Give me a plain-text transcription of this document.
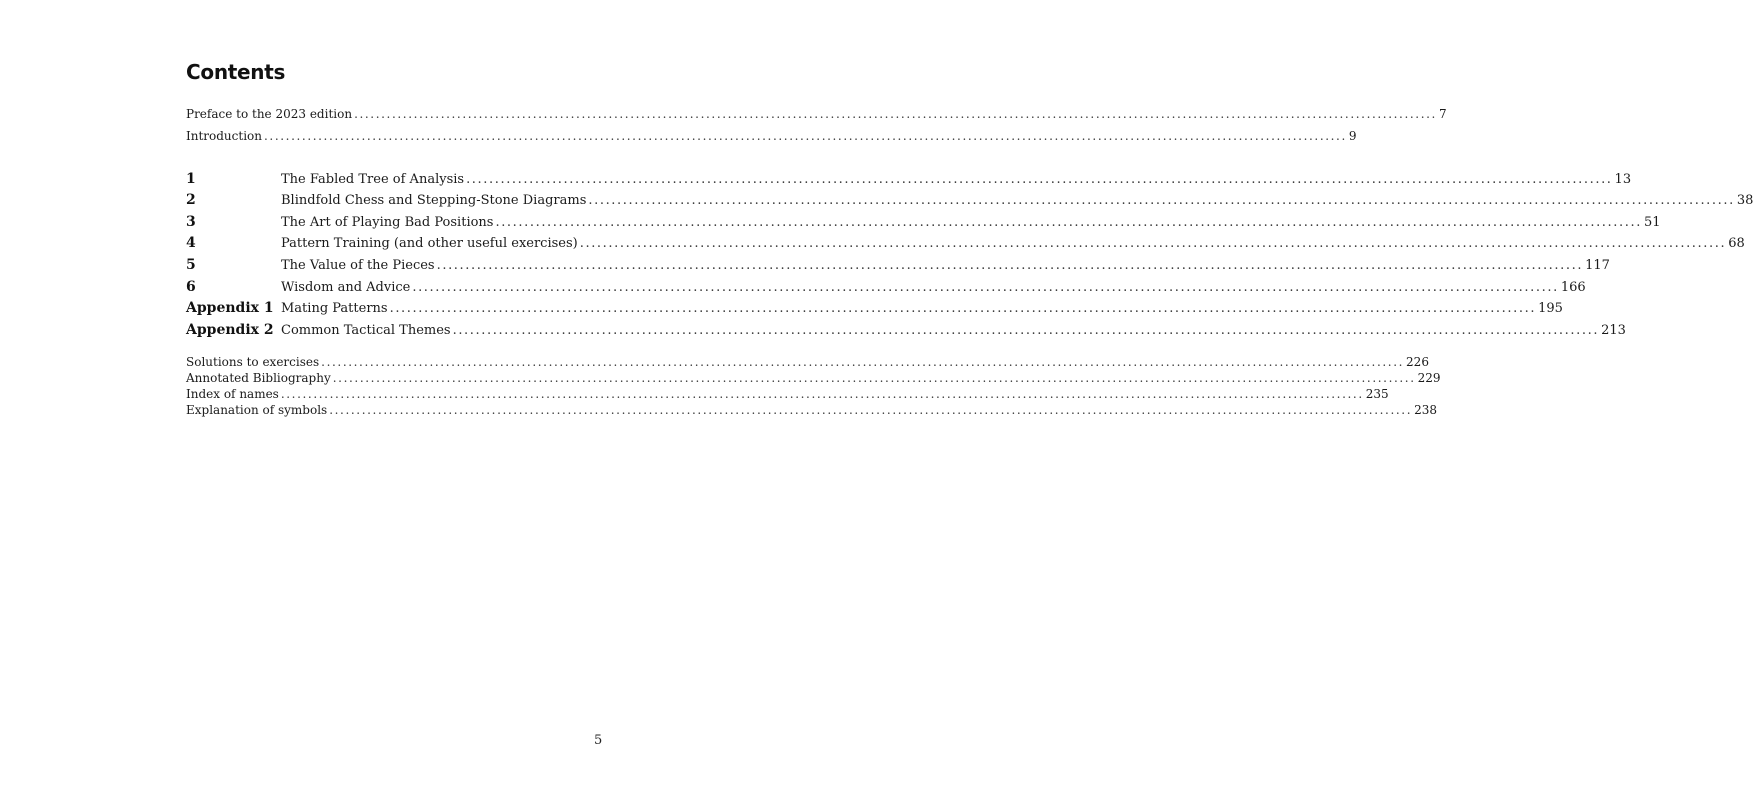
Contents
Preface to the 2023 edition ........................................................................................................................................................................................................ 7
Introduction ........................................................................................................................................................................................................ 9
1	The Fabled Tree of Analysis ........................................................................................................................................................................................................ 13
2	Blindfold Chess and Stepping-Stone Diagrams ........................................................................................................................................................................................................ 38
3	The Art of Playing Bad Positions ........................................................................................................................................................................................................ 51
4	Pattern Training (and other useful exercises) ........................................................................................................................................................................................................ 68
5	The Value of the Pieces ........................................................................................................................................................................................................ 117
6	Wisdom and Advice ........................................................................................................................................................................................................ 166
Appendix 1 Mating Patterns ........................................................................................................................................................................................................ 195
Appendix 2 Common Tactical Themes ........................................................................................................................................................................................................ 213
Solutions to exercises ........................................................................................................................................................................................................ 226
Annotated Bibliography ........................................................................................................................................................................................................ 229
Index of names ........................................................................................................................................................................................................ 235
Explanation of symbols ........................................................................................................................................................................................................ 238
5
